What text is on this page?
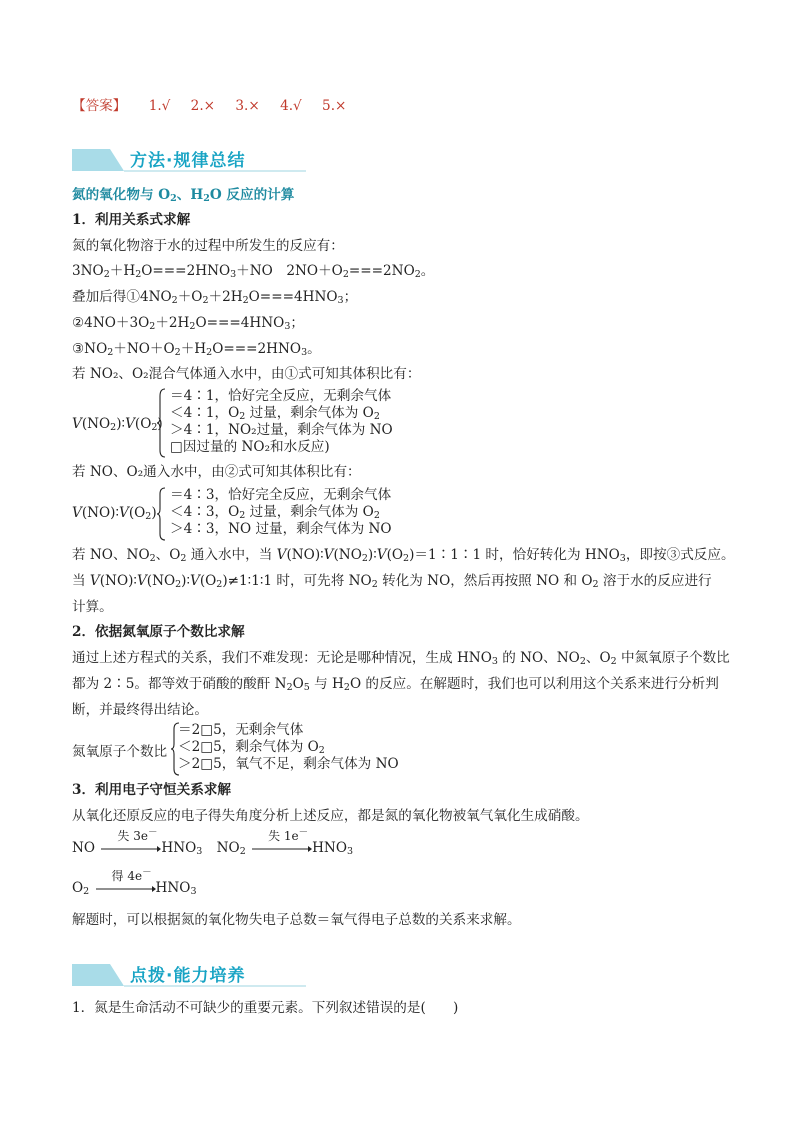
【答案】 1.√ 2.× 3.× 4.√ 5.×
方法·规律总结
氮的氧化物与 $O_2$、$H_2O$ 反应的计算
1．利用关系式求解
氮的氧化物溶于水的过程中所发生的反应有：
$3NO_2+H_2O===2HNO_3+NO$　$2NO+O_2===2NO_2$。
叠加后得$①4NO_2+O_2+2H_2O===4HNO_3$；
$②4NO+3O_2+2H_2O===4HNO_3$；
$③NO_2+NO+O_2+H_2O===2HNO_3$。
若 NO₂、O₂混合气体通入水中，由①式可知其体积比有：
$V(NO_2)∶V(O_2)$
＝4∶1，恰好完全反应，无剩余气体
＜4∶1，$O_2$ 过量，剩余气体为 $O_2$
＞4∶1，NO₂过量，剩余气体为 NO
□因过量的 NO₂和水反应)
若 NO、O₂通入水中，由②式可知其体积比有：
$V(NO)∶V(O_2)$
＝4∶3，恰好完全反应，无剩余气体
＜4∶3，$O_2$ 过量，剩余气体为 $O_2$
＞4∶3，NO 过量，剩余气体为 NO
若 NO、$NO_2$、$O_2$ 通入水中，当 $V(NO)∶V(NO_2)∶V(O_2)=1∶1∶1$ 时，恰好转化为 $HNO_3$，即按③式反应。
当 $V(NO)∶V(NO_2)∶V(O_2)\ne 1∶1∶1$ 时，可先将 $NO_2$ 转化为 NO，然后再按照 NO 和 $O_2$ 溶于水的反应进行
计算。
2．依据氮氧原子个数比求解
通过上述方程式的关系，我们不难发现：无论是哪种情况，生成 $HNO_3$ 的 NO、$NO_2$、$O_2$ 中氮氧原子个数比
都为 2∶5。都等效于硝酸的酸酐 $N_2O_5$ 与 $H_2O$ 的反应。在解题时，我们也可以利用这个关系来进行分析判
断，并最终得出结论。
氮氧原子个数比
＝2□5，无剩余气体
＜2□5，剩余气体为 $O_2$
＞2□5，氧气不足，剩余气体为 NO
3．利用电子守恒关系求解
从氧化还原反应的电子得失角度分析上述反应，都是氮的氧化物被氧气氧化生成硝酸。
NO
失 3e－
$HNO_3$ $NO_2$
失 1e－
$HNO_3$
$O_2$
得 4e－
$HNO_3$
解题时，可以根据氮的氧化物失电子总数＝氧气得电子总数的关系来求解。
点拨·能力培养
1．氮是生命活动不可缺少的重要元素。下列叙述错误的是(　　)
